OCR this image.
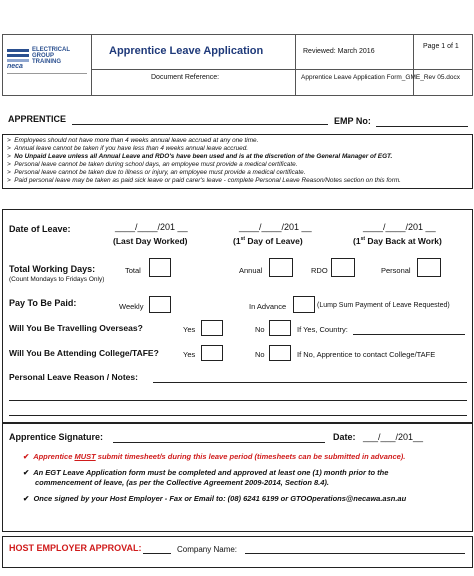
ELECTRICAL
GROUP
TRAINING
neca
Apprentice Leave Application	Reviewed: March 2016
Page 1 of 1
Document Reference:	Apprentice Leave Application Form_GME_Rev 05.docx
APPRENTICE	EMP No:
> Employees should not have more than 4 weeks annual leave accrued at any one time.
> Annual leave cannot be taken if you have less than 4 weeks annual leave accrued.
> No Unpaid Leave unless all Annual Leave and RDO's have been used and is at the discretion of the General Manager of EGT.
> Personal leave cannot be taken during school days, an employee must provide a medical certificate.
> Personal leave cannot be taken due to illness or injury, an employee must provide a medical certificate.
> Paid personal leave may be taken as paid sick leave or paid carer's leave - complete Personal Leave Reason/Notes section on this form.
Date of Leave:	____/____/201 __	____/____/201 __	____/____/201 __
(Last Day Worked)	(1st Day of Leave)	(1st Day Back at Work)
Total Working Days:
(Count Mondays to Fridays Only)
Total	Annual	RDO	Personal
Pay To Be Paid:	Weekly	In Advance	(Lump Sum Payment of Leave Requested)
Will You Be Travelling Overseas?	Yes	No	If Yes, Country:
Will You Be Attending College/TAFE?	Yes	No	If No, Apprentice to contact College/TAFE
Personal Leave Reason / Notes:
Apprentice Signature:	Date: ___/___/201__
✔ Apprentice MUST submit timesheet/s during this leave period (timesheets can be submitted in advance).
✔ An EGT Leave Application form must be completed and approved at least one (1) month prior to the
commencement of leave, (as per the Collective Agreement 2009-2014, Section 8.4).
✔ Once signed by your Host Employer - Fax or Email to: (08) 6241 6199 or GTOOperations@necawa.asn.au
HOST EMPLOYER APPROVAL:	Company Name:
